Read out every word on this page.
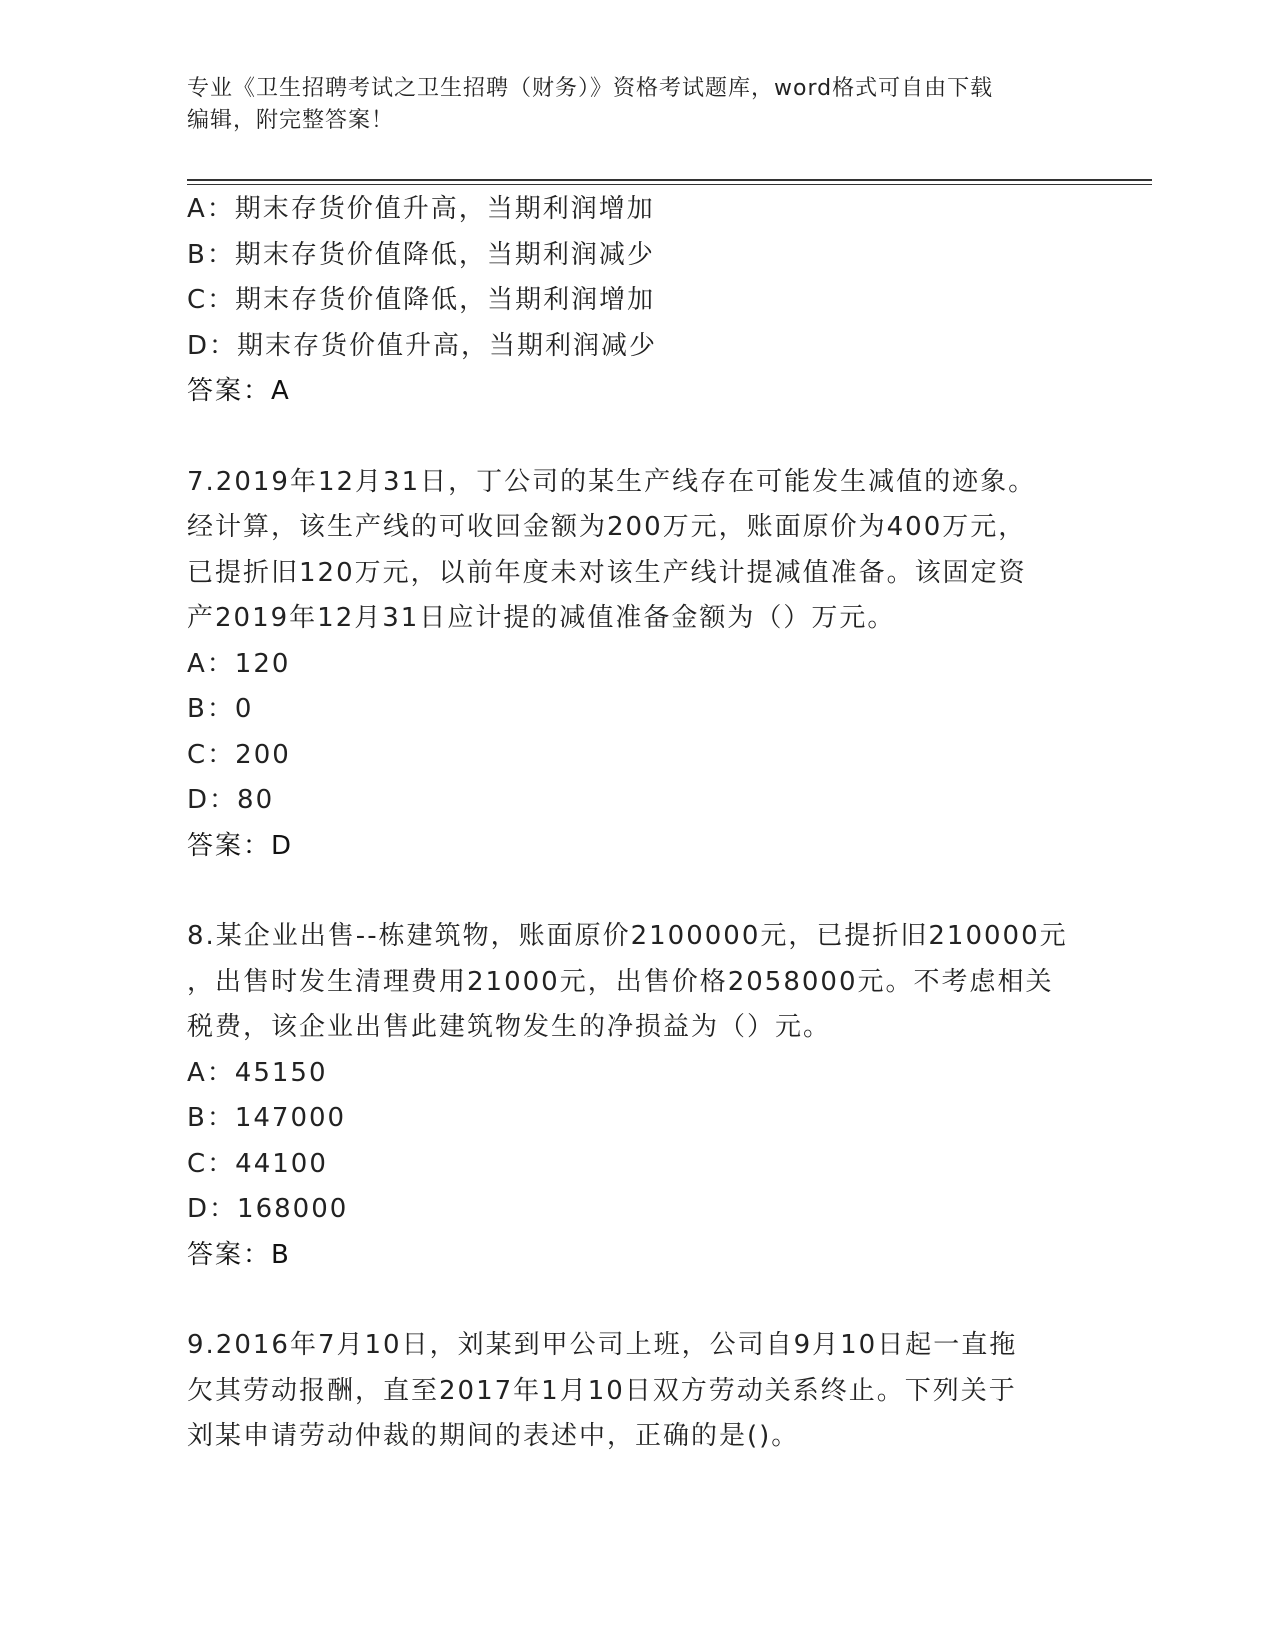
专业《卫生招聘考试之卫生招聘（财务）》资格考试题库，word格式可自由下载
编辑，附完整答案！
A：期末存货价值升高，当期利润增加
B：期末存货价值降低，当期利润减少
C：期末存货价值降低，当期利润增加
D：期末存货价值升高，当期利润减少
答案：A
7.2019年12月31日，丁公司的某生产线存在可能发生减值的迹象。
经计算，该生产线的可收回金额为200万元，账面原价为400万元，
已提折旧120万元，以前年度未对该生产线计提减值准备。该固定资
产2019年12月31日应计提的减值准备金额为（）万元。
A：120
B：0
C：200
D：80
答案：D
8.某企业出售--栋建筑物，账面原价2100000元，已提折旧210000元
，出售时发生清理费用21000元，出售价格2058000元。不考虑相关
税费，该企业出售此建筑物发生的净损益为（）元。
A：45150
B：147000
C：44100
D：168000
答案：B
9.2016年7月10日，刘某到甲公司上班，公司自9月10日起一直拖
欠其劳动报酬，直至2017年1月10日双方劳动关系终止。下列关于
刘某申请劳动仲裁的期间的表述中，正确的是()。
